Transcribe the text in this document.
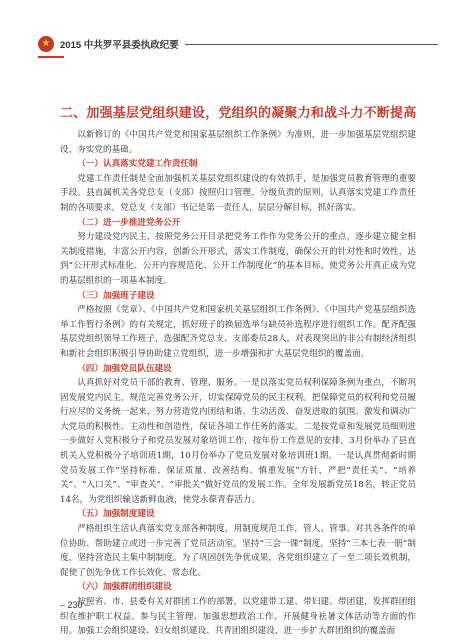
★	2015 中共罗平县委执政纪要
二、加强基层党组织建设，党组织的凝聚力和战斗力不断提高

以新修订的《中国共产党党和国家基层组织工作条例》为准则，进一步加强基层党组织建设，夯实党的基础。

（一）认真落实党建工作责任制

党建工作责任制是全面加强机关基层党组织建设的有效抓手，是加强党员教育管理的重要手段。县直属机关各党总支（支部）按照归口管理、分级负责的原则，认真落实党建工作责任制的各项要求，党总支（支部）书记是第一责任人，层层分解目标，抓好落实。

（二）进一步推进党务公开

努力建设党内民主，按照党务公开目录把党务工作作为党务公开的重点，逐步建立健全相关制度措施，丰富公开内容，创新公开形式，落实工作制度，确保公开的针对性和时效性，达到“公开形式标准化、公开内容规范化、公开工作制度化”的基本目标，使党务公开真正成为党的基层组织的一项基本制度。

（三）加强班子建设

严格按照《党章》、《中国共产党和国家机关基层组织工作条例》、《中国共产党基层组织选举工作暂行条例》的有关规定，抓好班子的换届选举与缺员补选程序进行组织工作。配齐配强基层党组织领导工作班子，选强配齐党总支、支部委员28人，对表现突出的非公有制经济组织和新社会组织积极引导协助建立党组织，进一步增强和扩大基层党组织的覆盖面。

（四）加强党员队伍建设

认真抓好对党员干部的教育、管理、服务。一是以落实党员权利保障条例为重点，不断巩固发展党内民主，规范完善党务公开，切实保障党员的民主权利。把保障党员的权利和党员履行应尽的义务统一起来，努力营造党内团结和谐、生动活泼、奋发进取的氛围。激发和调动广大党员的积极性、主动性和创造性，保证各项工作任务的落实。二是按党章和发展党员细则进一步做好入党积极分子和党员发展对象培训工作，按年份工作意见的安排，3月份举办了县直机关入党积极分子培训班1期，10月份举办了党员发展对象培训班1期。一是认真贯彻新时期党员发展工作“坚持标准、保证质量、改善结构、慎重发展”方针，严把“责任关”、“培养关”、“入口关”、“审查关”、“审批关”做好党员的发展工作。全年发展新党员18名，转正党员14名，为党组织输送新鲜血液，使党永葆青春活力。

（五）加强制度建设

严格组织生活认真落实党支部各种制度，用制度规范工作，管人、管事。对共各条件的单位协助、帮助建立或进一步完善了党员活动室，坚持“三会一课”制度，坚持“三本七表一册”制度，坚持营造民主集中制制度。为了巩固创先争优成果，各党组织建立了一至二项长效机制，促使了创先争优工作长效化、常态化。

（六）加强群团组织建设

按照省、市、县委有关对群团工作的部署，以党建带工建、带妇建、带团建，发挥群团组织在维护职工权益、参与民主管理、加强思想政治工作、开展健身袪暑文体活动等方面的作用。加强工会组织建设、妇女组织建设、共青团组织建设，进一步扩大群团组织的覆盖面

– 230 –
